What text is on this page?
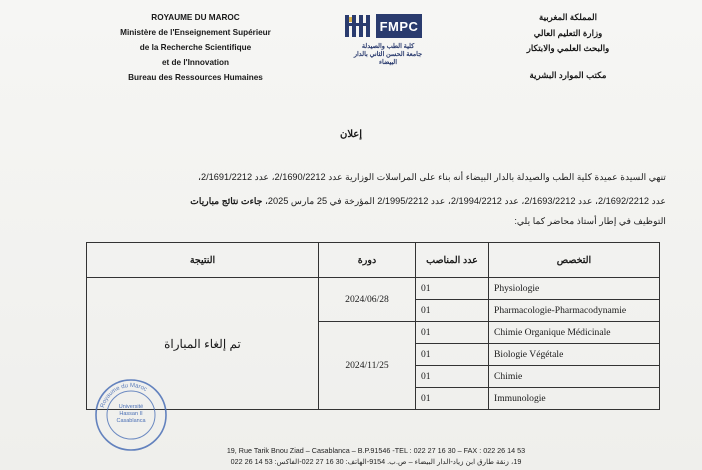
ROYAUME DU MAROC
Ministère de l'Enseignement Supérieur
de la Recherche Scientifique
et de l'Innovation
Bureau des Ressources Humaines
FMPC
كلية الطب والصيدلة
جامعة الحسن الثاني بالدار البيضاء
المملكة المغربية
وزارة التعليم العالي
والبحث العلمي والابتكار
مكتب الموارد البشرية
إعلان
تنهي السيدة عميدة كلية الطب والصيدلة بالدار البيضاء أنه بناء على المراسلات الوزارية عدد 2/1690/2212، عدد 2/1691/2212،
عدد 2/1692/2212، عدد 2/1693/2212، عدد 2/1994/2212، عدد 2/1995/2212 المؤرخة في 25 مارس 2025، جاءت نتائج مباريات
التوظيف في إطار أستاذ محاضر كما يلي:
النتيجة	دورة	عدد المناصب	التخصص
تم إلغاء المباراة	2024/06/28	01	Physiologie
		01	Pharmacologie-Pharmacodynamie
	2024/11/25	01	Chimie Organique Médicinale
		01	Biologie Végétale
		01	Chimie
		01	Immunologie
Royaume du Maroc
Université Hassan II Casablanca
19, Rue Tarik Bnou Ziad – Casablanca – B.P.91546 -TEL : 022 27 16 30 – FAX : 022 26 14 53
19، زنقة طارق ابن زياد-الدار البيضاء – ص.ب. 9154-الهاتف: 30 16 27 022-الفاكس: 53 14 26 022
